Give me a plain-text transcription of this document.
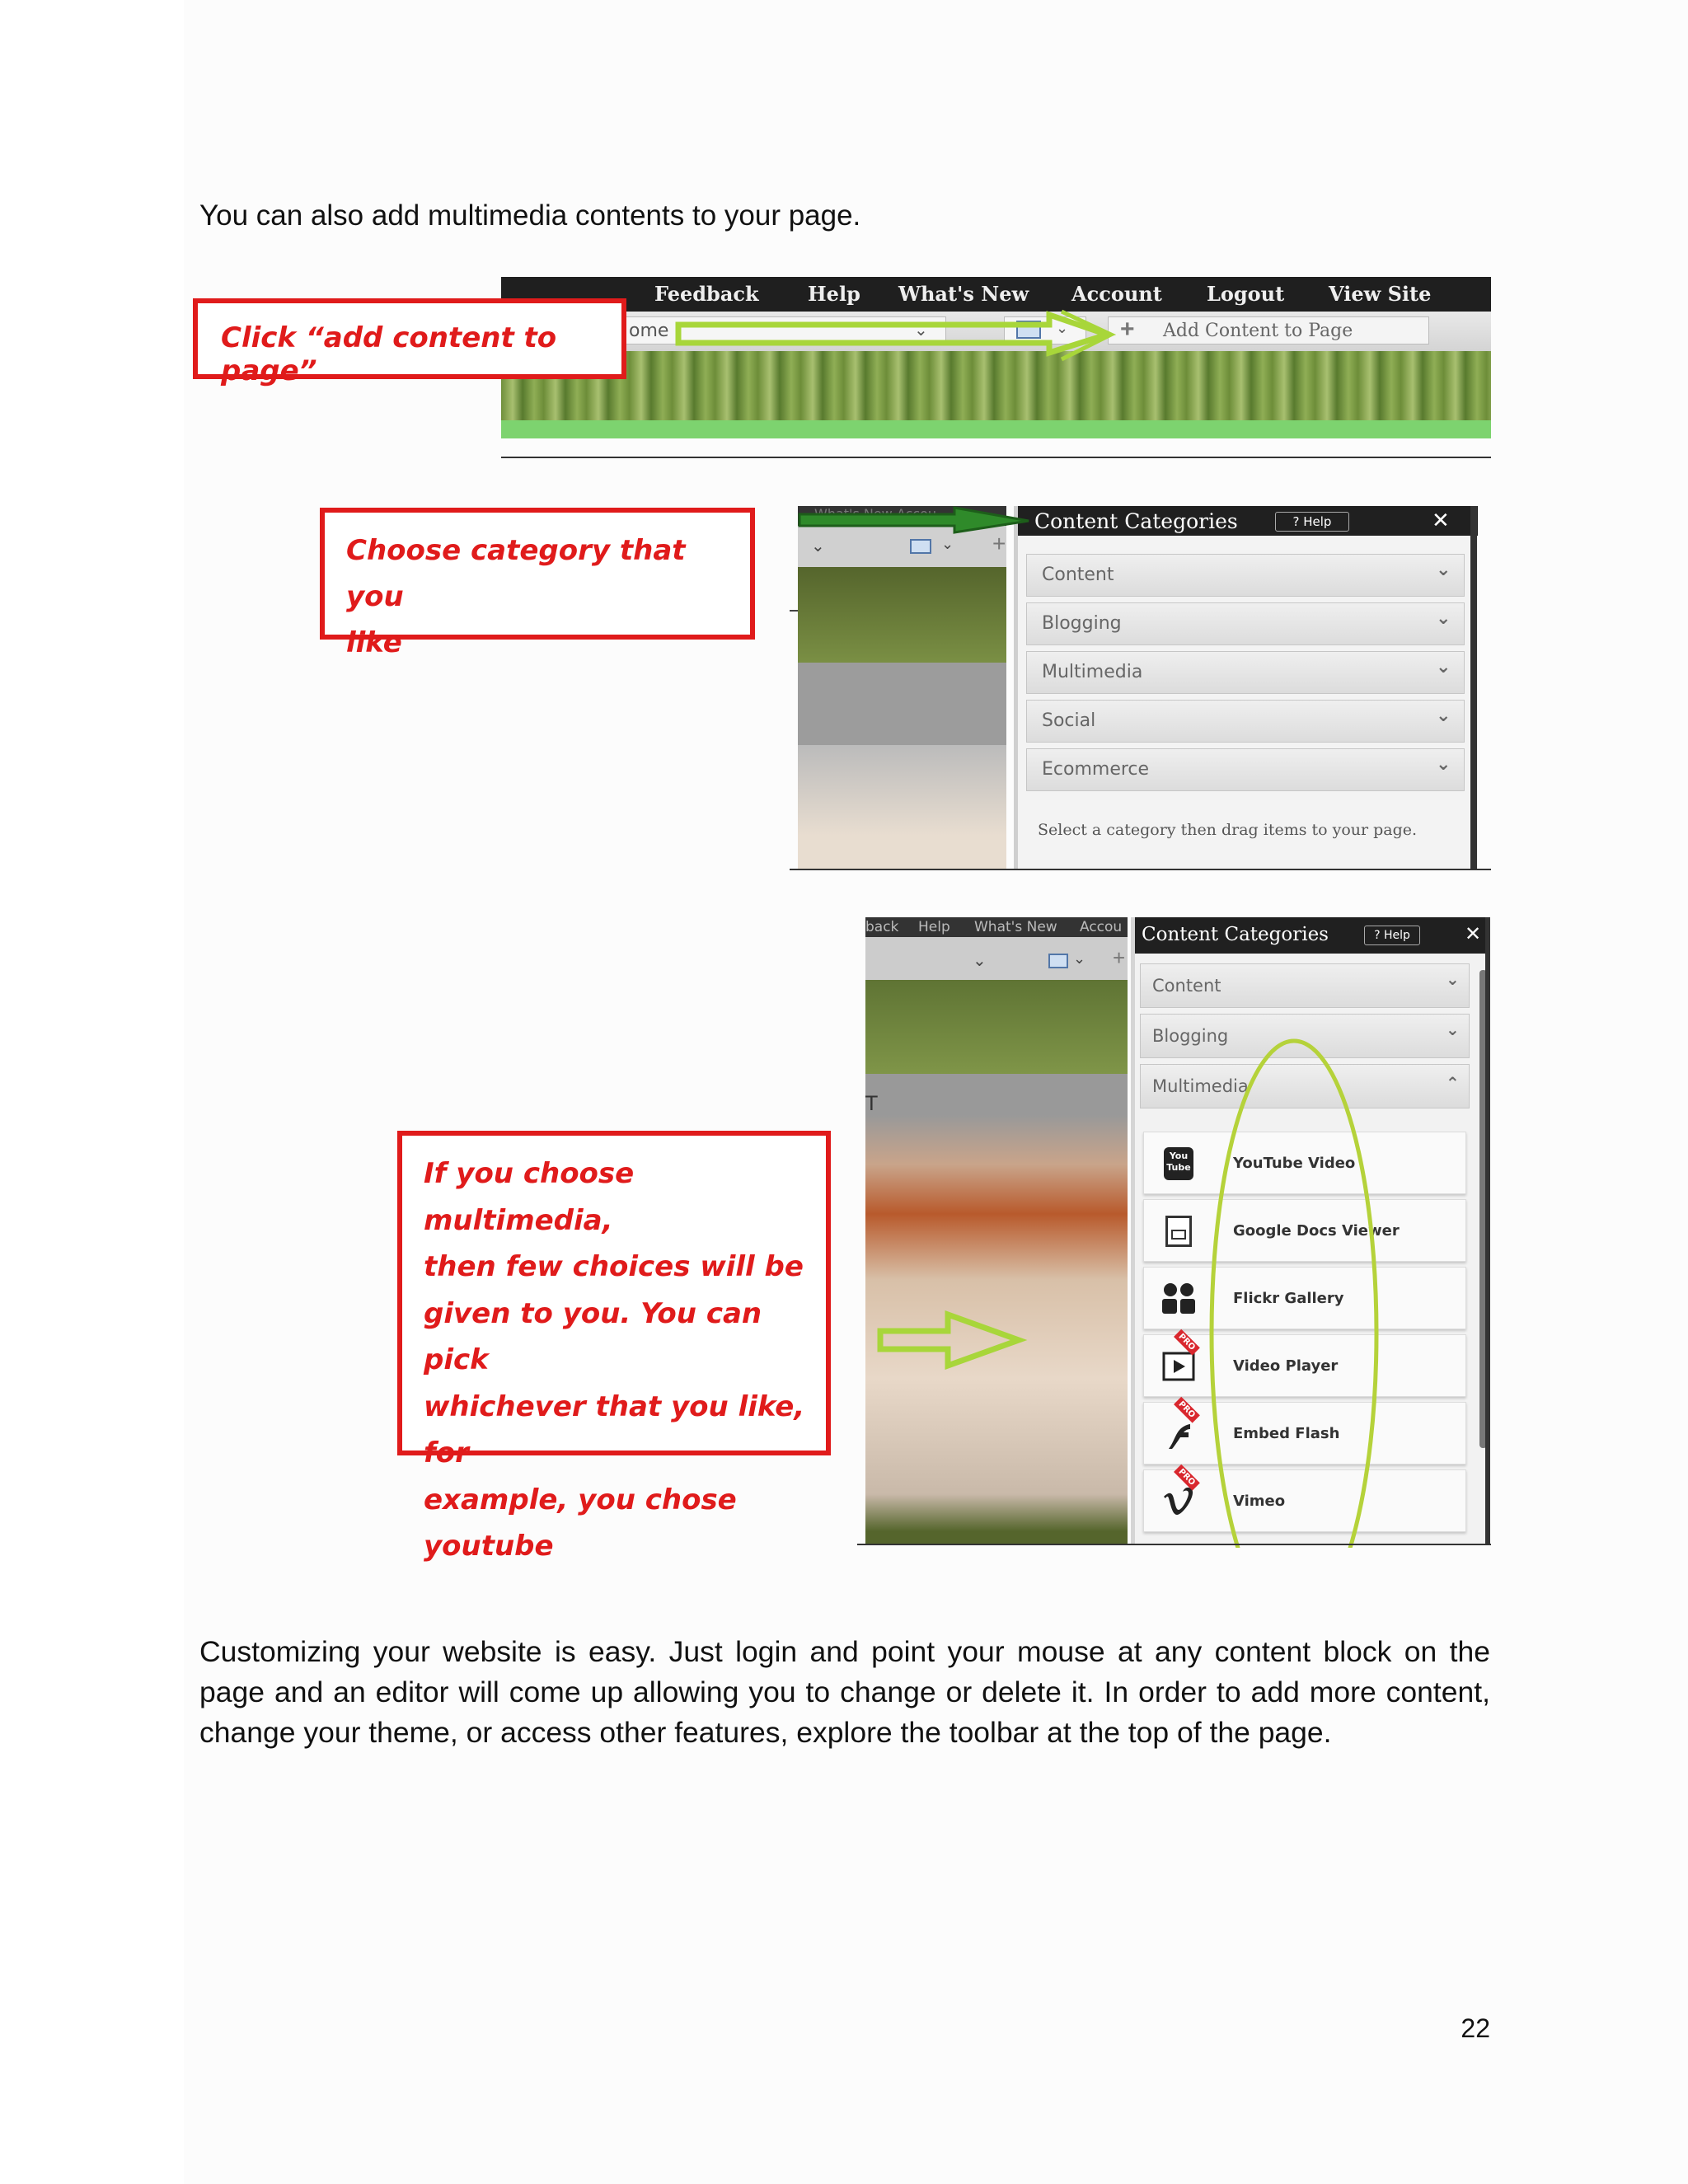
You can also add multimedia contents to your page.

Feedback Help What's New Account Logout View Site
ome	⌄	⌄ + Add Content to Page
Click “add content to page”
⌄	⌄ +
Content Categories	? Help	✕
Content	⌄
Blogging	⌄
Multimedia	⌄
Social	⌄
Ecommerce	⌄
Select a category then drag items to your page.
Choose category that you
like
back Help What's New Accou
⌄	⌄ +
T
Content Categories	? Help	✕
Content	⌄
Blogging	⌄
Multimedia	⌃
You
Tube	YouTube Video
Google Docs Viewer
Flickr Gallery
PRO
Video Player
PRO
Embed Flash
PRO
Vimeo
If you choose multimedia,
then few choices will be
given to you. You can pick
whichever that you like, for
example, you chose
youtube

Customizing your website is easy. Just login and point your mouse at any content block on the page and an editor will come up allowing you to change or delete it. In order to add more content, change your theme, or access other features, explore the toolbar at the top of the page.

22
